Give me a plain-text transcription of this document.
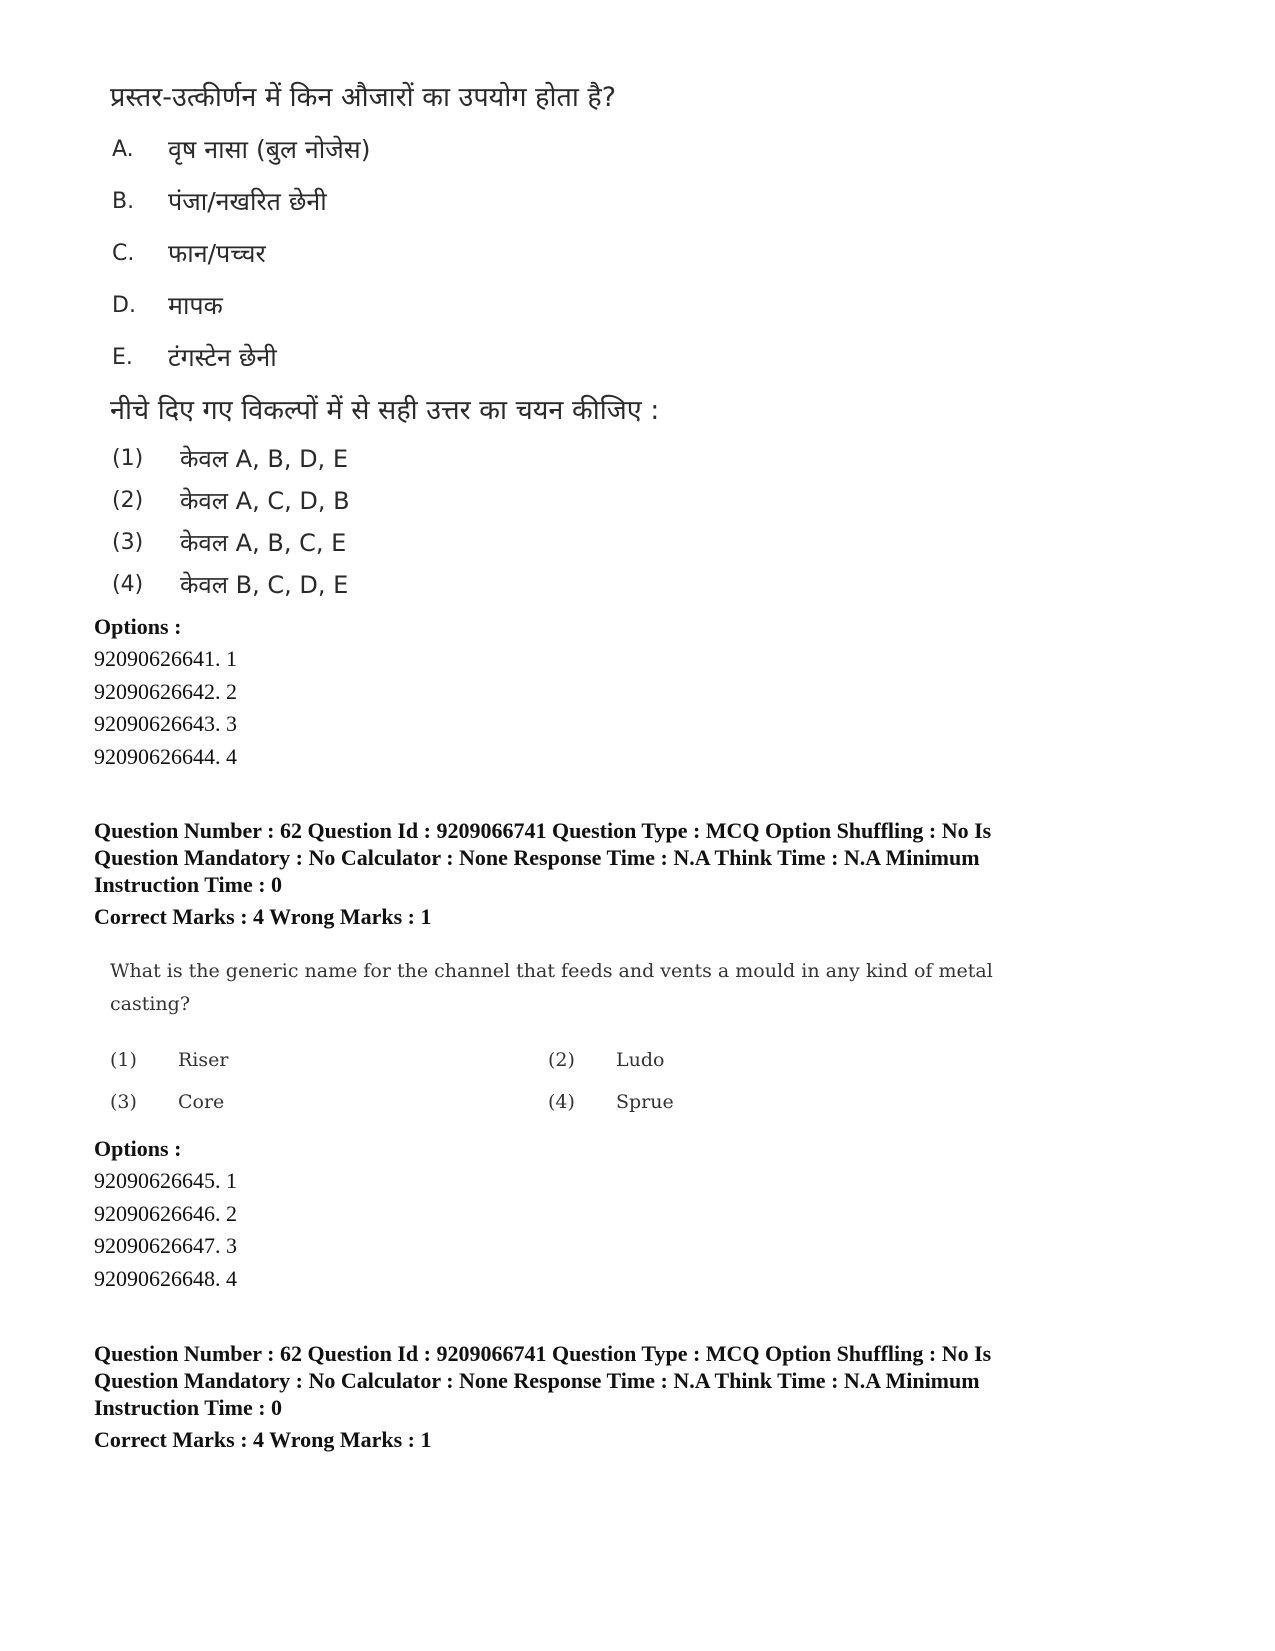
प्रस्तर-उत्कीर्णन में किन औजारों का उपयोग होता है?
A. वृष नासा (बुल नोजेस)
B. पंजा/नखरित छेनी
C. फान/पच्चर
D. मापक
E. टंगस्टेन छेनी
नीचे दिए गए विकल्पों में से सही उत्तर का चयन कीजिए :
(1) केवल A, B, D, E
(2) केवल A, C, D, B
(3) केवल A, B, C, E
(4) केवल B, C, D, E
Options :
92090626641. 1
92090626642. 2
92090626643. 3
92090626644. 4
Question Number : 62 Question Id : 9209066741 Question Type : MCQ Option Shuffling : No Is
Question Mandatory : No Calculator : None Response Time : N.A Think Time : N.A Minimum
Instruction Time : 0
Correct Marks : 4 Wrong Marks : 1
What is the generic name for the channel that feeds and vents a mould in any kind of metal
casting?
(1) Riser	(2) Ludo
(3) Core	(4) Sprue
Options :
92090626645. 1
92090626646. 2
92090626647. 3
92090626648. 4
Question Number : 62 Question Id : 9209066741 Question Type : MCQ Option Shuffling : No Is
Question Mandatory : No Calculator : None Response Time : N.A Think Time : N.A Minimum
Instruction Time : 0
Correct Marks : 4 Wrong Marks : 1
